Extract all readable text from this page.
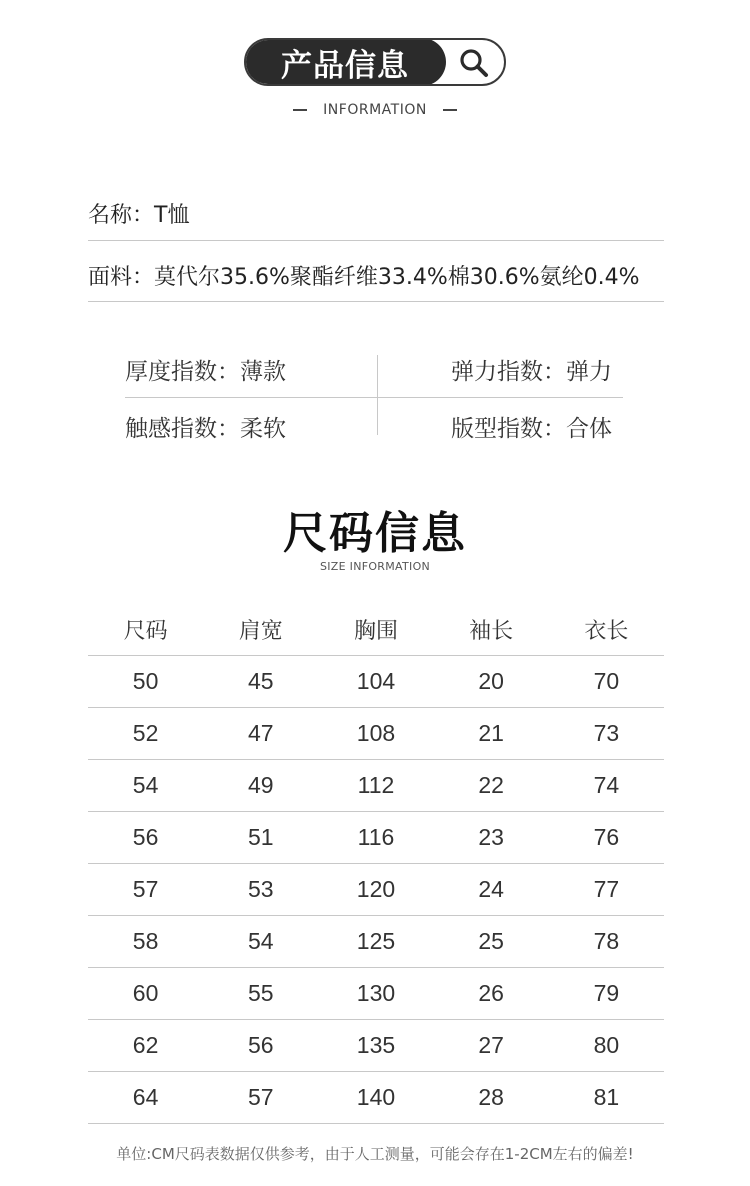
产品信息
INFORMATION
名称：T恤
面料：莫代尔35.6%聚酯纤维33.4%棉30.6%氨纶0.4%
厚度指数：薄款	弹力指数：弹力
触感指数：柔软	版型指数：合体
尺码信息
SIZE INFORMATION
尺码	肩宽	胸围	袖长	衣长
50	45	104	20	70
52	47	108	21	73
54	49	112	22	74
56	51	116	23	76
57	53	120	24	77
58	54	125	25	78
60	55	130	26	79
62	56	135	27	80
64	57	140	28	81
单位:CM尺码表数据仅供参考，由于人工测量，可能会存在1-2CM左右的偏差!
